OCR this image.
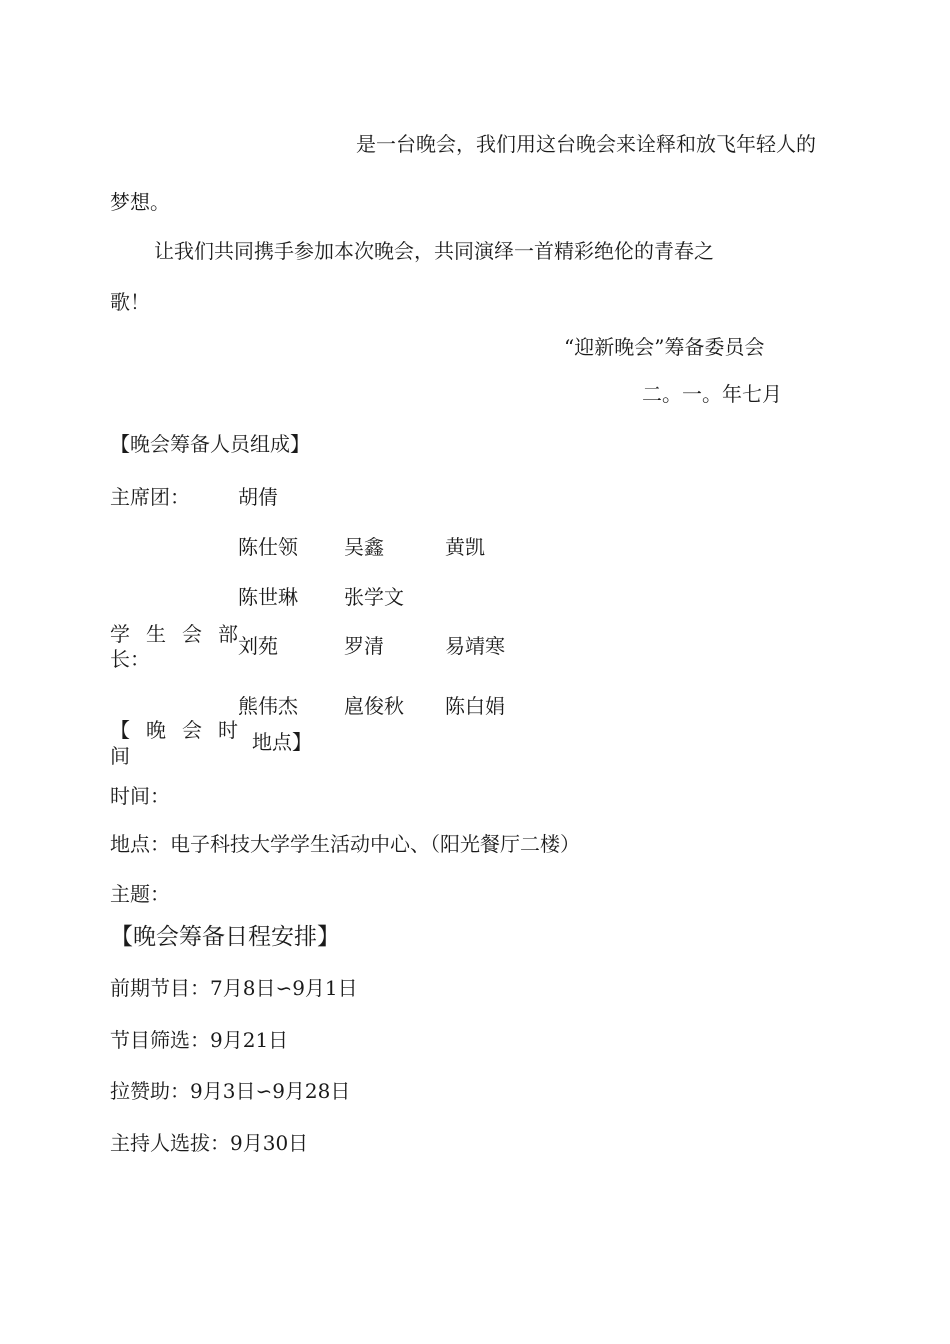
是一台晚会，我们用这台晚会来诠释和放飞年轻人的
梦想。
让我们共同携手参加本次晚会，共同演绎一首精彩绝伦的青春之
歌！
“迎新晚会”筹备委员会
二。一。年七月
【晚会筹备人员组成】
主席团： 胡倩
陈仕领 吴鑫	黄凯
陈世琳 张学文
学 生 会 部
长：
刘苑	罗清	易靖寒
熊伟杰 扈俊秋 陈白娟
【 晚 会 时
间
地点】
时间：
地点：电子科技大学学生活动中心、（阳光餐厅二楼）
主题：
【晚会筹备日程安排】
前期节目：7月8日∽9月1日
节目筛选：9月21日
拉赞助：9月3日∽9月28日
主持人选拔：9月30日
